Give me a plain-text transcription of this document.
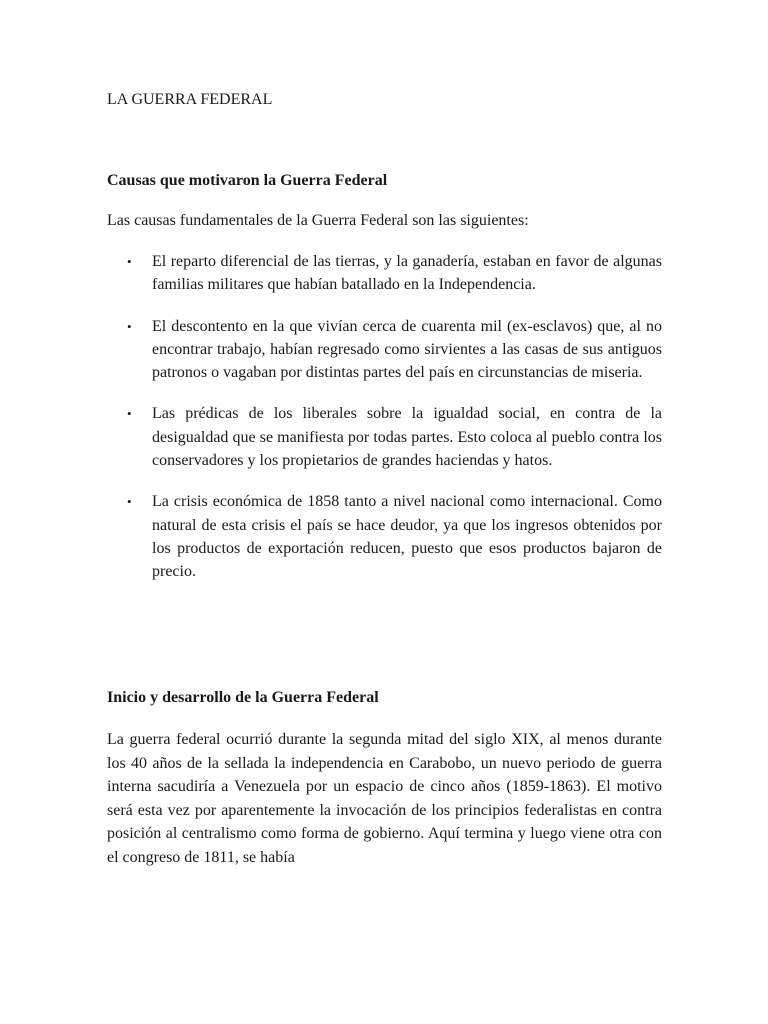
LA GUERRA FEDERAL
Causas que motivaron la Guerra Federal

Las causas fundamentales de la Guerra Federal son las siguientes:

• El reparto diferencial de las tierras, y la ganadería, estaban en favor de algunas familias militares que habían batallado en la Independencia.
• El descontento en la que vivían cerca de cuarenta mil (ex-esclavos) que, al no encontrar trabajo, habían regresado como sirvientes a las casas de sus antiguos patronos o vagaban por distintas partes del país en circunstancias de miseria.
• Las prédicas de los liberales sobre la igualdad social, en contra de la desigualdad que se manifiesta por todas partes. Esto coloca al pueblo contra los conservadores y los propietarios de grandes haciendas y hatos.
• La crisis económica de 1858 tanto a nivel nacional como internacional. Como natural de esta crisis el país se hace deudor, ya que los ingresos obtenidos por los productos de exportación reducen, puesto que esos productos bajaron de precio.
Inicio y desarrollo de la Guerra Federal

La guerra federal ocurrió durante la segunda mitad del siglo XIX, al menos durante los 40 años de la sellada la independencia en Carabobo, un nuevo periodo de guerra interna sacudiría a Venezuela por un espacio de cinco años (1859-1863). El motivo será esta vez por aparentemente la invocación de los principios federalistas en contra posición al centralismo como forma de gobierno. Aquí termina y luego viene otra con el congreso de 1811, se había
